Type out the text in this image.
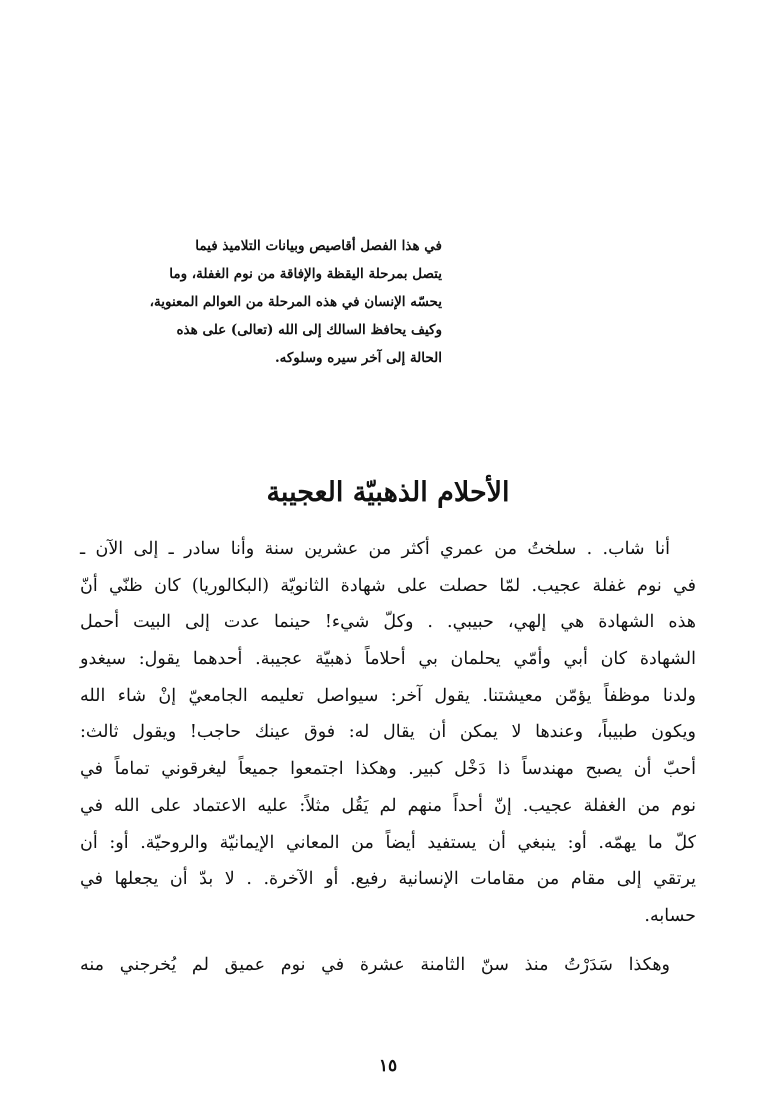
في هذا الفصل أقاصيص وبيانات التلاميذ فيما
يتصل بمرحلة اليقظة والإفاقة من نوم الغفلة، وما
يحسّه الإنسان في هذه المرحلة من العوالم المعنوية،
وكيف يحافظ السالك إلى الله (تعالى) على هذه
الحالة إلى آخر سيره وسلوكه.
الأحلام الذهبيّة العجيبة
أنا شاب. . سلختُ من عمري أكثر من عشرين سنة وأنا سادر ـ إلى الآن ـ
في نوم غفلة عجيب. لمّا حصلت على شهادة الثانويّة (البكالوريا) كان ظنّي أنّ
هذه الشهادة هي إلهي، حبيبي. . وكلّ شيء! حينما عدت إلى البيت أحمل
الشهادة كان أبي وأمّي يحلمان بي أحلاماً ذهبيّة عجيبة. أحدهما يقول: سيغدو
ولدنا موظفاً يؤمّن معيشتنا. يقول آخر: سيواصل تعليمه الجامعيّ إنْ شاء الله
ويكون طبيباً، وعندها لا يمكن أن يقال له: فوق عينك حاجب! ويقول ثالث:
أحبّ أن يصبح مهندساً ذا دَخْل كبير. وهكذا اجتمعوا جميعاً ليغرقوني تماماً في
نوم من الغفلة عجيب. إنّ أحداً منهم لم يَقُل مثلاً: عليه الاعتماد على الله في
كلّ ما يهمّه. أو: ينبغي أن يستفيد أيضاً من المعاني الإيمانيّة والروحيّة. أو: أن
يرتقي إلى مقام من مقامات الإنسانية رفيع. أو الآخرة. . لا بدّ أن يجعلها في
حسابه.
وهكذا سَدَرْتُ منذ سنّ الثامنة عشرة في نوم عميق لم يُخرجني منه
١٥
